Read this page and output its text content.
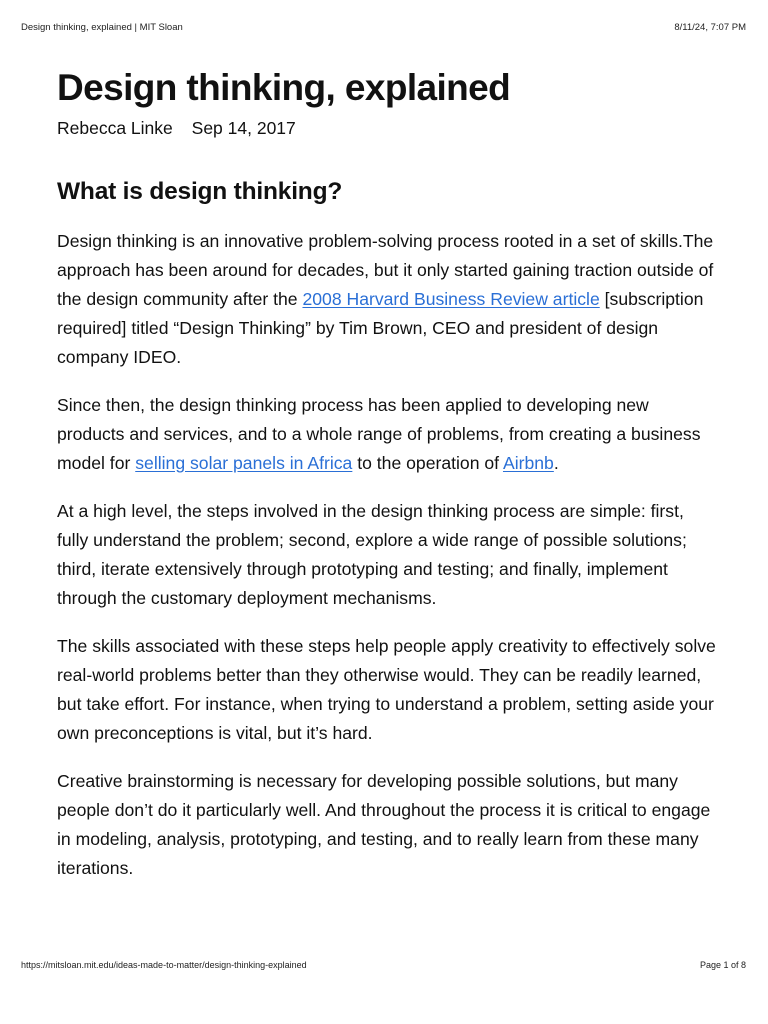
Design thinking, explained | MIT Sloan	8/11/24, 7:07 PM
Design thinking, explained
Rebecca Linke Sep 14, 2017
What is design thinking?

Design thinking is an innovative problem-solving process rooted in a set of skills.The approach has been around for decades, but it only started gaining traction outside of the design community after the 2008 Harvard Business Review article [subscription required] titled “Design Thinking” by Tim Brown, CEO and president of design company IDEO.

Since then, the design thinking process has been applied to developing new products and services, and to a whole range of problems, from creating a business model for selling solar panels in Africa to the operation of Airbnb.

At a high level, the steps involved in the design thinking process are simple: first, fully understand the problem; second, explore a wide range of possible solutions; third, iterate extensively through prototyping and testing; and finally, implement through the customary deployment mechanisms.

The skills associated with these steps help people apply creativity to effectively solve real-world problems better than they otherwise would. They can be readily learned, but take effort. For instance, when trying to understand a problem, setting aside your own preconceptions is vital, but it’s hard.

Creative brainstorming is necessary for developing possible solutions, but many people don’t do it particularly well. And throughout the process it is critical to engage in modeling, analysis, prototyping, and testing, and to really learn from these many iterations.

https://mitsloan.mit.edu/ideas-made-to-matter/design-thinking-explained	Page 1 of 8
